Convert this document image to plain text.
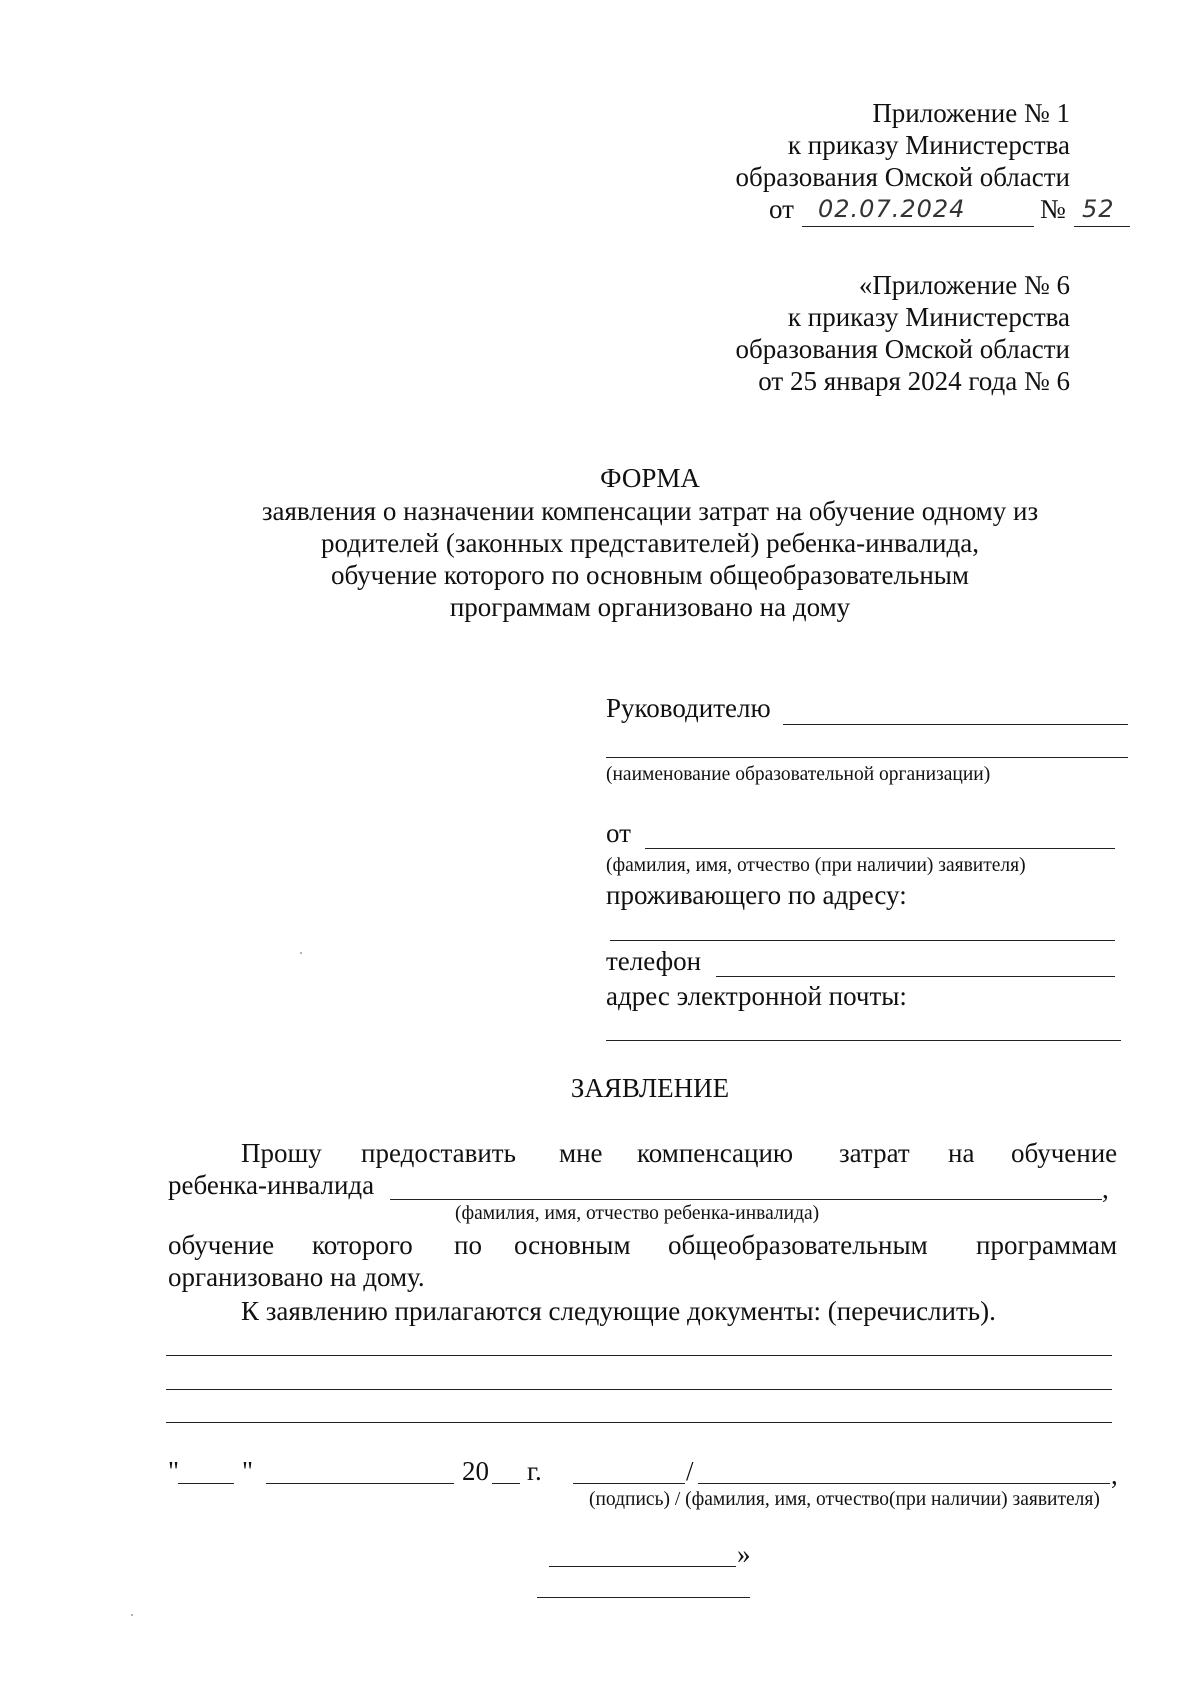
Приложение № 1
к приказу Министерства
образования Омской области
от 02.07.2024	№ 52
«Приложение № 6
к приказу Министерства
образования Омской области
от 25 января 2024 года № 6
ФОРМА
заявления о назначении компенсации затрат на обучение одному из
родителей (законных представителей) ребенка-инвалида,
обучение которого по основным общеобразовательным
программам организовано на дому
Руководителю
(наименование образовательной организации)
от
(фамилия, имя, отчество (при наличии) заявителя)
проживающего по адресу:
телефон
адрес электронной почты:
ЗАЯВЛЕНИЕ
Прошу предоставить мне компенсацию затрат на обучение
ребенка-инвалида	,
(фамилия, имя, отчество ребенка-инвалида)
обучение которого по основным общеобразовательным программам
организовано на дому.
К заявлению прилагаются следующие документы: (перечислить).
" "	20 г.	/	,
(подпись) / (фамилия, имя, отчество(при наличии) заявителя)
»
